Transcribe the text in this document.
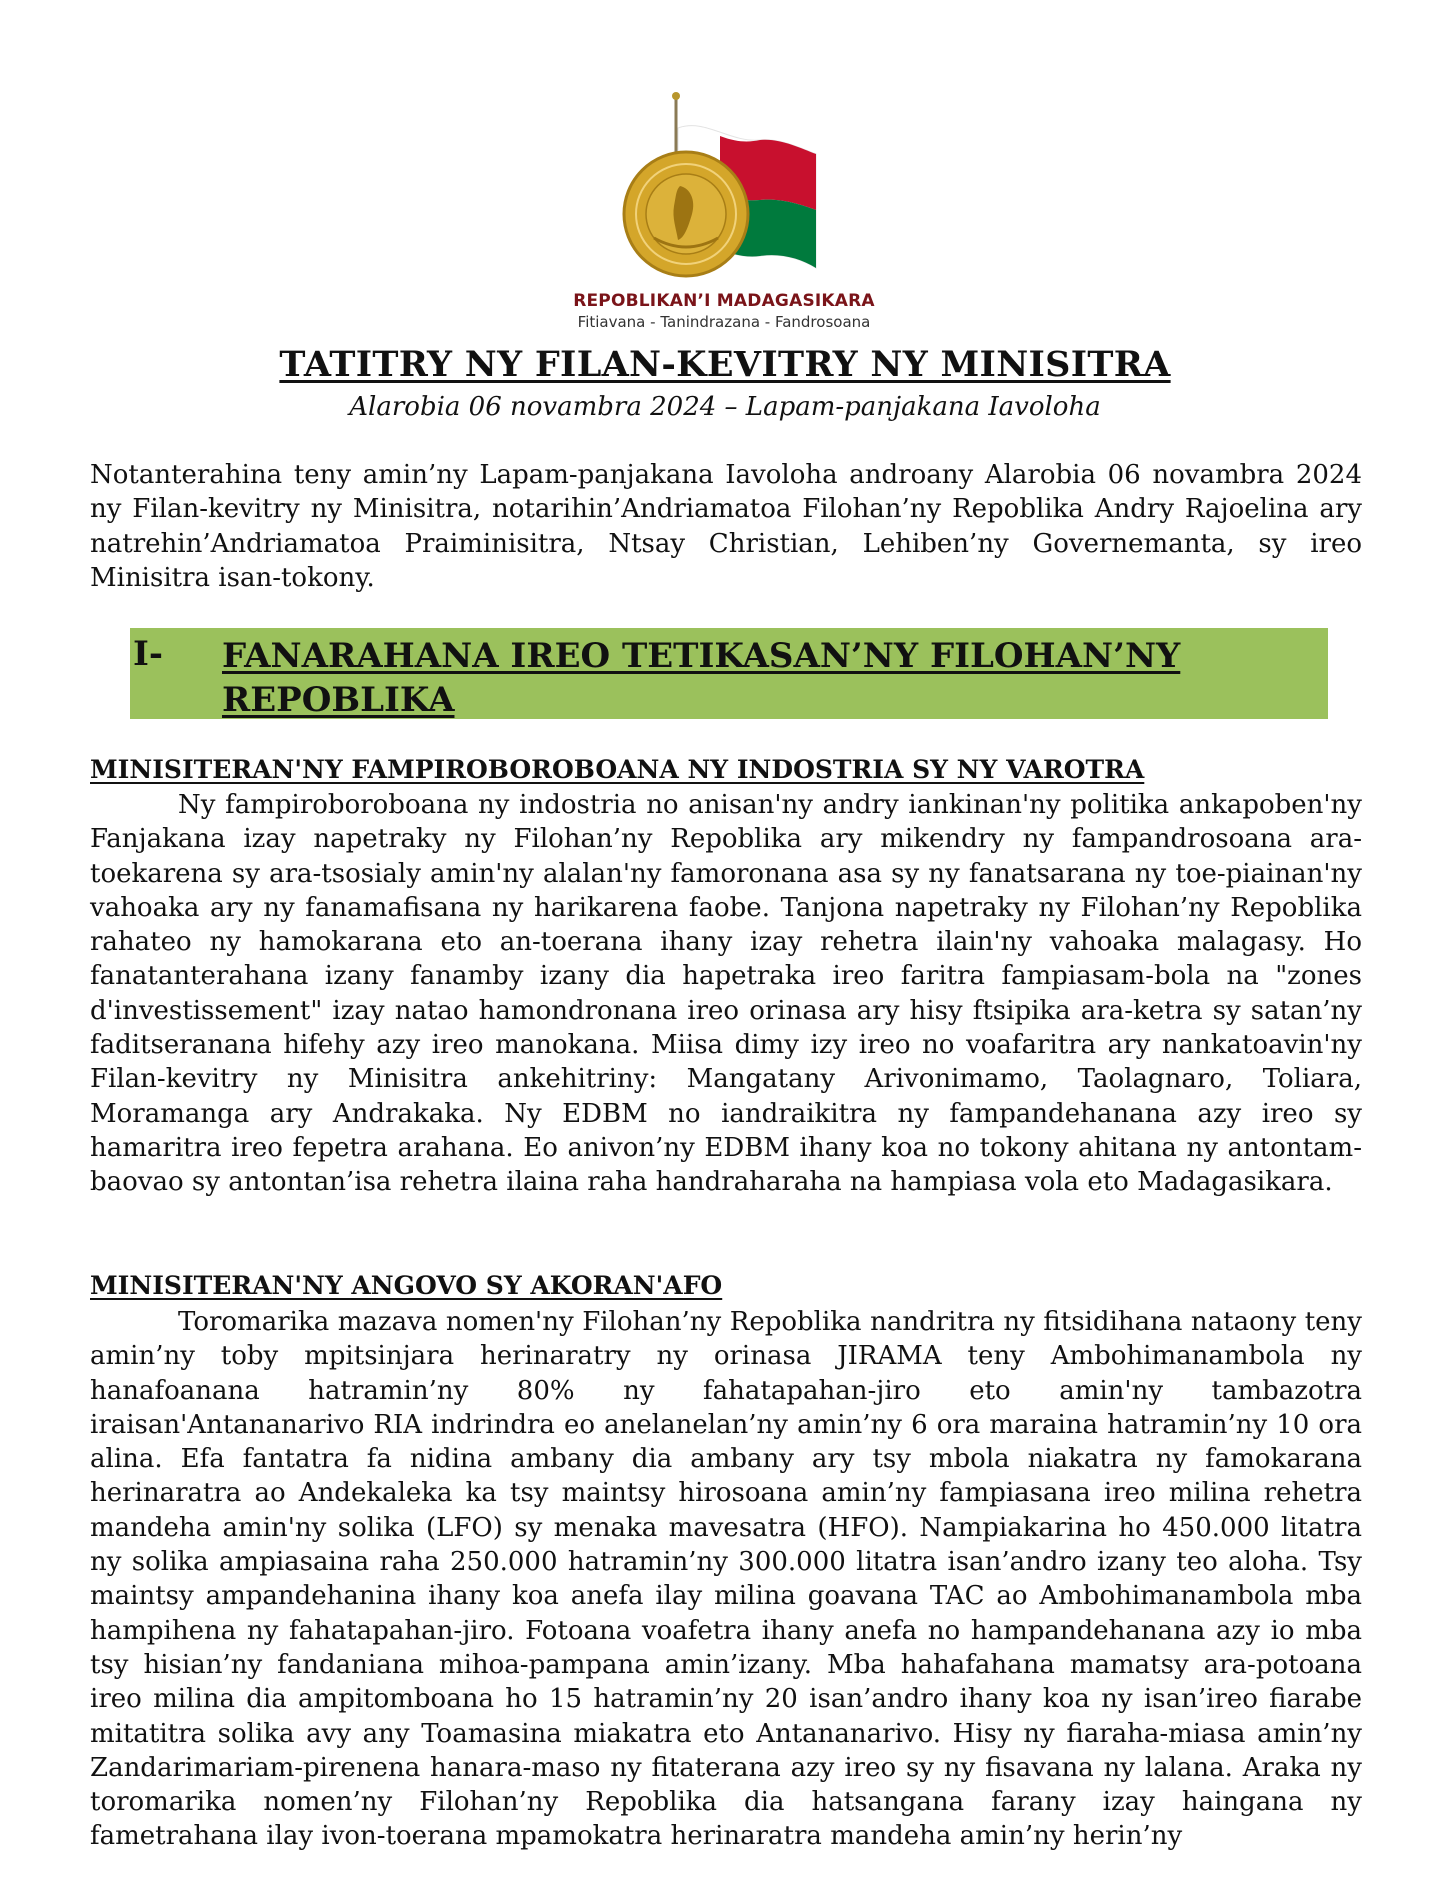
REPOBLIKAN’I MADAGASIKARA
Fitiavana - Tanindrazana - Fandrosoana
TATITRY NY FILAN-KEVITRY NY MINISITRA
Alarobia 06 novambra 2024 – Lapam-panjakana Iavoloha

Notanterahina teny amin’ny Lapam-panjakana Iavoloha androany Alarobia 06 novambra 2024 ny Filan-kevitry ny Minisitra, notarihin’Andriamatoa Filohan’ny Repoblika Andry Rajoelina ary natrehin’Andriamatoa Praiminisitra, Ntsay Christian, Lehiben’ny Governemanta, sy ireo Minisitra isan-tokony.

I- FANARAHANA IREO TETIKASAN’NY FILOHAN’NY REPOBLIKA
MINISITERAN'NY FAMPIROBOROBOANA NY INDOSTRIA SY NY VAROTRA

Ny fampiroboroboana ny indostria no anisan'ny andry iankinan'ny politika ankapoben'ny Fanjakana izay napetraky ny Filohan’ny Repoblika ary mikendry ny fampandrosoana ara-toekarena sy ara-tsosialy amin'ny alalan'ny famoronana asa sy ny fanatsarana ny toe-piainan'ny vahoaka ary ny fanamafisana ny harikarena faobe. Tanjona napetraky ny Filohan’ny Repoblika rahateo ny hamokarana eto an-toerana ihany izay rehetra ilain'ny vahoaka malagasy. Ho fanatanterahana izany fanamby izany dia hapetraka ireo faritra fampiasam-bola na "zones d'investissement" izay natao hamondronana ireo orinasa ary hisy ftsipika ara-ketra sy satan’ny faditseranana hifehy azy ireo manokana. Miisa dimy izy ireo no voafaritra ary nankatoavin'ny Filan-kevitry ny Minisitra ankehitriny: Mangatany Arivonimamo, Taolagnaro, Toliara, Moramanga ary Andrakaka. Ny EDBM no iandraikitra ny fampandehanana azy ireo sy hamaritra ireo fepetra arahana. Eo anivon’ny EDBM ihany koa no tokony ahitana ny antontam-baovao sy antontan’isa rehetra ilaina raha handraharaha na hampiasa vola eto Madagasikara.

MINISITERAN'NY ANGOVO SY AKORAN'AFO

Toromarika mazava nomen'ny Filohan’ny Repoblika nandritra ny fitsidihana nataony teny amin’ny toby mpitsinjara herinaratry ny orinasa JIRAMA teny Ambohimanambola ny hanafoanana hatramin’ny 80% ny fahatapahan-jiro eto amin'ny tambazotra iraisan'Antananarivo RIA indrindra eo anelanelan’ny amin’ny 6 ora maraina hatramin’ny 10 ora alina. Efa fantatra fa nidina ambany dia ambany ary tsy mbola niakatra ny famokarana herinaratra ao Andekaleka ka tsy maintsy hirosoana amin’ny fampiasana ireo milina rehetra mandeha amin'ny solika (LFO) sy menaka mavesatra (HFO). Nampiakarina ho 450.000 litatra ny solika ampiasaina raha 250.000 hatramin’ny 300.000 litatra isan’andro izany teo aloha. Tsy maintsy ampandehanina ihany koa anefa ilay milina goavana TAC ao Ambohimanambola mba hampihena ny fahatapahan-jiro. Fotoana voafetra ihany anefa no hampandehanana azy io mba tsy hisian’ny fandaniana mihoa-pampana amin’izany. Mba hahafahana mamatsy ara-potoana ireo milina dia ampitomboana ho 15 hatramin’ny 20 isan’andro ihany koa ny isan’ireo fiarabe mitatitra solika avy any Toamasina miakatra eto Antananarivo. Hisy ny fiaraha-miasa amin’ny Zandarimariam-pirenena hanara-maso ny fitaterana azy ireo sy ny fisavana ny lalana. Araka ny toromarika nomen’ny Filohan’ny Repoblika dia hatsangana farany izay haingana ny fametrahana ilay ivon-toerana mpamokatra herinaratra mandeha amin’ny herin’ny
